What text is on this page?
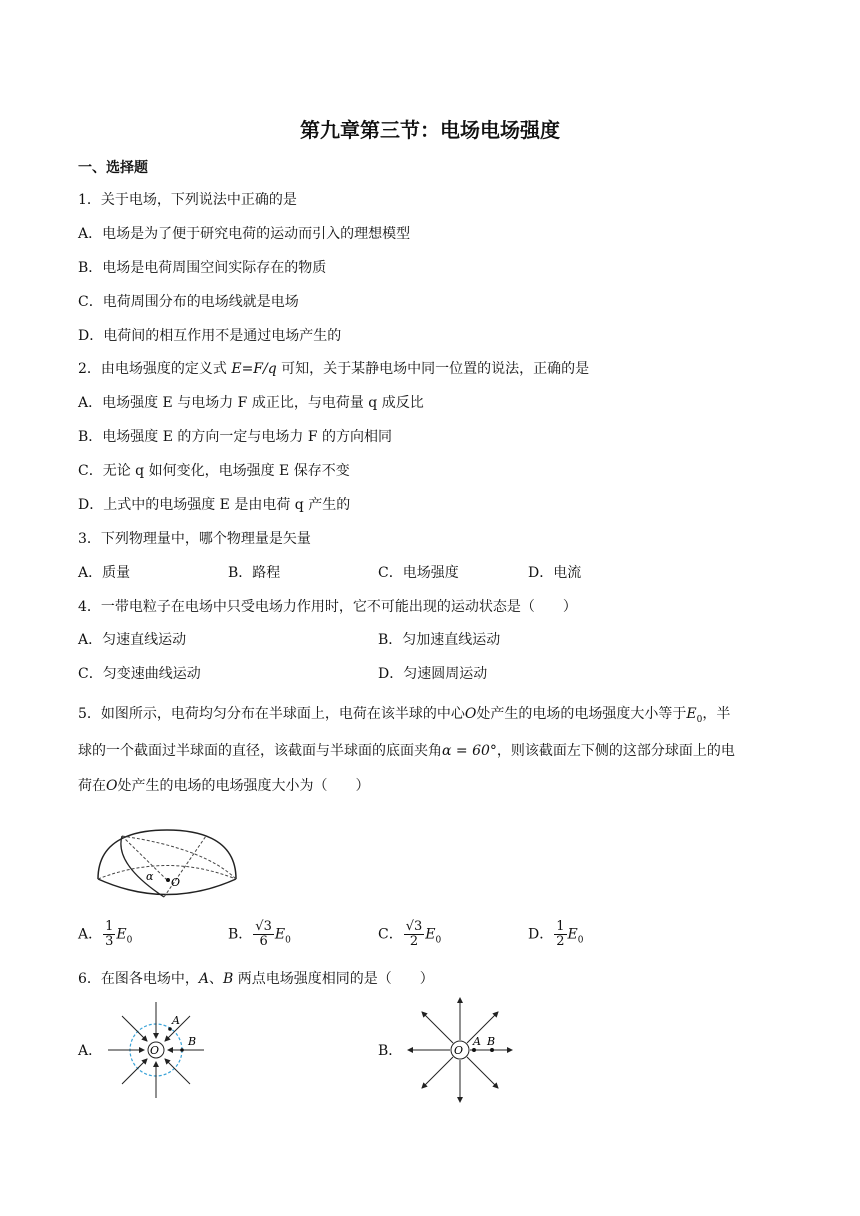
第九章第三节：电场电场强度
一、选择题
1．关于电场，下列说法中正确的是
A．电场是为了便于研究电荷的运动而引入的理想模型
B．电场是电荷周围空间实际存在的物质
C．电荷周围分布的电场线就是电场
D．电荷间的相互作用不是通过电场产生的
2．由电场强度的定义式 E=F/q 可知，关于某静电场中同一位置的说法，正确的是
A．电场强度 E 与电场力 F 成正比，与电荷量 q 成反比
B．电场强度 E 的方向一定与电场力 F 的方向相同
C．无论 q 如何变化，电场强度 E 保存不变
D．上式中的电场强度 E 是由电荷 q 产生的
3．下列物理量中，哪个物理量是矢量
A．质量	B．路程	C．电场强度	D．电流
4．一带电粒子在电场中只受电场力作用时，它不可能出现的运动状态是（　　）
A．匀速直线运动	B．匀加速直线运动
C．匀变速曲线运动	D．匀速圆周运动
5．如图所示，电荷均匀分布在半球面上，电荷在该半球的中心O处产生的电场的电场强度大小等于$E_0$，半
球的一个截面过半球面的直径，该截面与半球面的底面夹角α = 60°，则该截面左下侧的这部分球面上的电
荷在O处产生的电场的电场强度大小为（　　）
α O
A． $\frac{1}{3} E_0$	B． $\frac{√3}{6} E_0$	C． $\frac{√3}{2} E_0$	D． $\frac{1}{2} E_0$
6．在图各电场中，A、B 两点电场强度相同的是（　　）
A．	B．
O
A
B
O
A B
